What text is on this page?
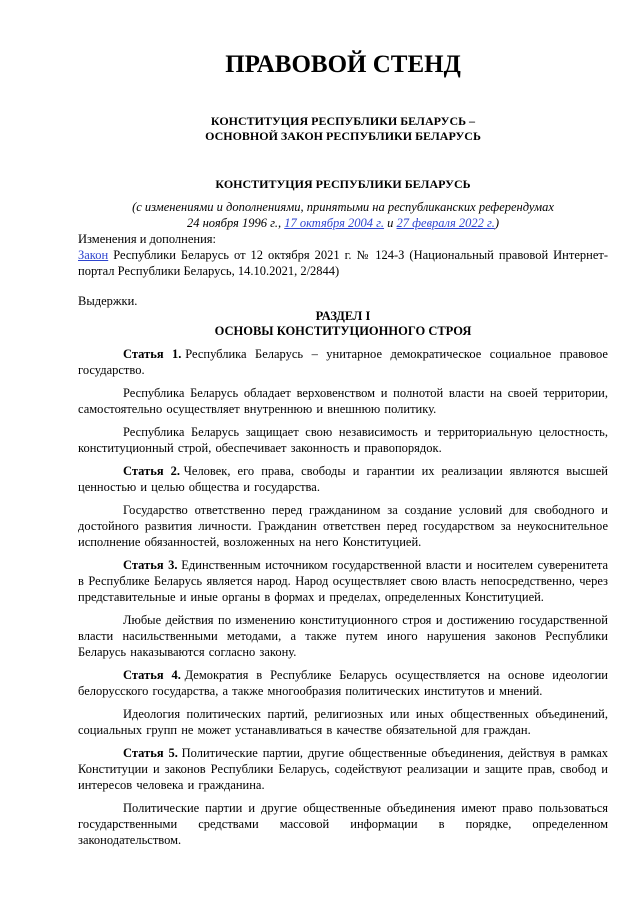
ПРАВОВОЙ СТЕНД
КОНСТИТУЦИЯ РЕСПУБЛИКИ БЕЛАРУСЬ –
ОСНОВНОЙ ЗАКОН РЕСПУБЛИКИ БЕЛАРУСЬ
КОНСТИТУЦИЯ РЕСПУБЛИКИ БЕЛАРУСЬ
(с изменениями и дополнениями, принятыми на республиканских референдумах
24 ноября 1996 г., 17 октября 2004 г. и 27 февраля 2022 г.)

Изменения и дополнения:

Закон Республики Беларусь от 12 октября 2021 г. № 124-З (Национальный правовой Интернет-портал Республики Беларусь, 14.10.2021, 2/2844)

Выдержки.

РАЗДЕЛ I
ОСНОВЫ КОНСТИТУЦИОННОГО СТРОЯ

Статья 1. Республика Беларусь – унитарное демократическое социальное правовое государство.

Республика Беларусь обладает верховенством и полнотой власти на своей территории, самостоятельно осуществляет внутреннюю и внешнюю политику.

Республика Беларусь защищает свою независимость и территориальную целостность, конституционный строй, обеспечивает законность и правопорядок.

Статья 2. Человек, его права, свободы и гарантии их реализации являются высшей ценностью и целью общества и государства.

Государство ответственно перед гражданином за создание условий для свободного и достойного развития личности. Гражданин ответствен перед государством за неукоснительное исполнение обязанностей, возложенных на него Конституцией.

Статья 3. Единственным источником государственной власти и носителем суверенитета в Республике Беларусь является народ. Народ осуществляет свою власть непосредственно, через представительные и иные органы в формах и пределах, определенных Конституцией.

Любые действия по изменению конституционного строя и достижению государственной власти насильственными методами, а также путем иного нарушения законов Республики Беларусь наказываются согласно закону.

Статья 4. Демократия в Республике Беларусь осуществляется на основе идеологии белорусского государства, а также многообразия политических институтов и мнений.

Идеология политических партий, религиозных или иных общественных объединений, социальных групп не может устанавливаться в качестве обязательной для граждан.

Статья 5. Политические партии, другие общественные объединения, действуя в рамках Конституции и законов Республики Беларусь, содействуют реализации и защите прав, свобод и интересов человека и гражданина.

Политические партии и другие общественные объединения имеют право пользоваться государственными средствами массовой информации в порядке, определенном законодательством.
